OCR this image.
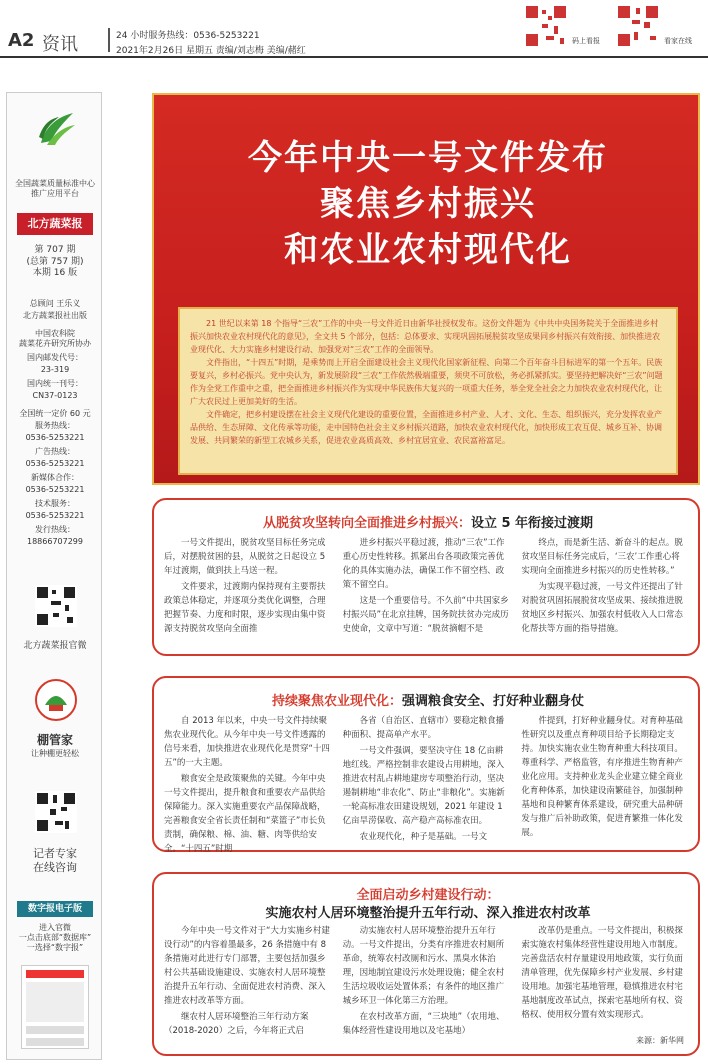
A2 资讯	24 小时服务热线：0536-5253221
2021年2月26日 星期五 责编/刘志梅 美编/赭红
码上看报	看家在线
全国蔬菜质量标准中心
推广应用平台
北方蔬菜报
第 707 期
(总第 757 期)
本期 16 版
总顾问 王乐义
北方蔬菜报社出版
中国农科院
蔬菜花卉研究所协办
国内邮发代号：
23-319
国内统一刊号：
CN37-0123
全国统一定价 60 元
服务热线：
0536-5253221
广告热线：
0536-5253221
新媒体合作：
0536-5253221
技术服务：
0536-5253221
发行热线：
18866707299
北方蔬菜报官微
棚管家
让种棚更轻松
记者专家
在线咨询
数字报电子版
进入官微
一点击底部“数据库”
一选择“数字报”
今年中央一号文件发布
聚焦乡村振兴
和农业农村现代化

21 世纪以来第 18 个指导“三农”工作的中央一号文件近日由新华社授权发布。这份文件题为《中共中央国务院关于全面推进乡村振兴加快农业农村现代化的意见》，全文共 5 个部分，包括：总体要求、实现巩固拓展脱贫攻坚成果同乡村振兴有效衔接、加快推进农业现代化、大力实施乡村建设行动、加强党对“三农”工作的全面领导。

文件指出，“十四五”时期，是乘势而上开启全面建设社会主义现代化国家新征程、向第二个百年奋斗目标进军的第一个五年。民族要复兴，乡村必振兴。党中央认为，新发展阶段“三农”工作依然极端重要，须臾不可放松，务必抓紧抓实。要坚持把解决好“三农”问题作为全党工作重中之重，把全面推进乡村振兴作为实现中华民族伟大复兴的一项重大任务，举全党全社会之力加快农业农村现代化，让广大农民过上更加美好的生活。

文件确定，把乡村建设摆在社会主义现代化建设的重要位置，全面推进乡村产业、人才、文化、生态、组织振兴，充分发挥农业产品供给、生态屏障、文化传承等功能，走中国特色社会主义乡村振兴道路，加快农业农村现代化，加快形成工农互促、城乡互补、协调发展、共同繁荣的新型工农城乡关系，促进农业高质高效、乡村宜居宜业、农民富裕富足。

从脱贫攻坚转向全面推进乡村振兴：设立 5 年衔接过渡期

一号文件提出，脱贫攻坚目标任务完成后，对摆脱贫困的县，从脱贫之日起设立 5 年过渡期，做到扶上马送一程。

文件要求，过渡期内保持现有主要帮扶政策总体稳定，并逐项分类优化调整，合理把握节奏、力度和时限，逐步实现由集中资源支持脱贫攻坚向全面推

进乡村振兴平稳过渡，推动“三农”工作重心历史性转移。抓紧出台各项政策完善优化的具体实施办法，确保工作不留空档、政策不留空白。

这是一个重要信号。不久前“中共国家乡村振兴局”在北京挂牌，国务院扶贫办完成历史使命，文章中写道：“脱贫摘帽不是

终点，而是新生活、新奋斗的起点。脱贫攻坚目标任务完成后，‘三农’工作重心将实现向全面推进乡村振兴的历史性转移。”

为实现平稳过渡，一号文件还提出了针对脱贫巩固拓展脱贫攻坚成果、接续推进脱贫地区乡村振兴、加强农村低收入人口常态化帮扶等方面的指导措施。

持续聚焦农业现代化：强调粮食安全、打好种业翻身仗

自 2013 年以来，中央一号文件持续聚焦农业现代化。从今年中央一号文件透露的信号来看，加快推进农业现代化是贯穿“十四五”的一大主题。

粮食安全是政策聚焦的关键。今年中央一号文件提出，提升粮食和重要农产品供给保障能力。深入实施重要农产品保障战略，完善粮食安全省长责任制和“菜篮子”市长负责制，确保粮、棉、油、糖、肉等供给安全。“十四五”时期

各省（自治区、直辖市）要稳定粮食播种面积、提高单产水平。

一号文件强调，要坚决守住 18 亿亩耕地红线。严格控制非农建设占用耕地，深入推进农村乱占耕地建房专项整治行动，坚决遏制耕地“非农化”、防止“非粮化”。实施新一轮高标准农田建设规划，2021 年建设 1 亿亩旱涝保收、高产稳产高标准农田。

农业现代化，种子是基础。一号文

件提到，打好种业翻身仗。对育种基础性研究以及重点育种项目给予长期稳定支持。加快实施农业生物育种重大科技项目。尊重科学、严格监管，有序推进生物育种产业化应用。支持种业龙头企业建立健全商业化育种体系，加快建设南繁硅谷，加强制种基地和良种繁育体系建设，研究重大品种研发与推广后补助政策，促进育繁推一体化发展。

全面启动乡村建设行动：
实施农村人居环境整治提升五年行动、深入推进农村改革

今年中央一号文件对于“大力实施乡村建设行动”的内容着墨最多，26 条措施中有 8 条措施对此进行专门部署，主要包括加强乡村公共基础设施建设、实施农村人居环境整治提升五年行动、全面促进农村消费、深入推进农村改革等方面。

继农村人居环境整治三年行动方案（2018-2020）之后，今年将正式启

动实施农村人居环境整治提升五年行动。一号文件提出，分类有序推进农村厕所革命，统筹农村改厕和污水、黑臭水体治理，因地制宜建设污水处理设施；健全农村生活垃圾收运处置体系；有条件的地区推广城乡环卫一体化第三方治理。

在农村改革方面，“三块地”（农用地、集体经营性建设用地以及宅基地）

改革仍是重点。一号文件提出，积极探索实施农村集体经营性建设用地入市制度。完善盘活农村存量建设用地政策，实行负面清单管理，优先保障乡村产业发展、乡村建设用地。加强宅基地管理，稳慎推进农村宅基地制度改革试点，探索宅基地所有权、资格权、使用权分置有效实现形式。

来源：新华网
